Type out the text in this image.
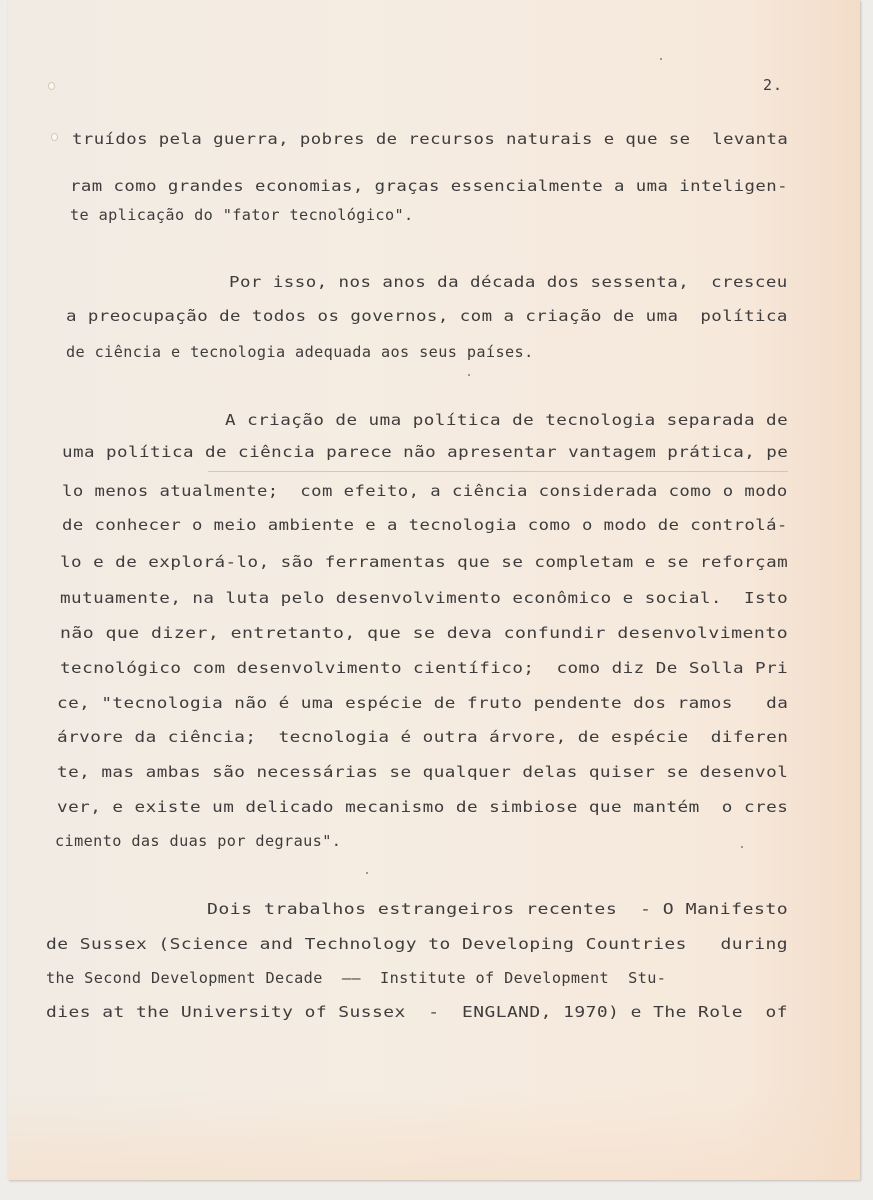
2.
truídos pela guerra, pobres de recursos naturais e que se  levanta
ram como grandes economias, graças essencialmente a uma inteligen-
te aplicação do "fator tecnológico".
Por isso, nos anos da década dos sessenta,  cresceu
a preocupação de todos os governos, com a criação de uma  política
de ciência e tecnologia adequada aos seus países.
A criação de uma política de tecnologia separada de
uma política de ciência parece não apresentar vantagem prática, pe
lo menos atualmente;  com efeito, a ciência considerada como o modo
de conhecer o meio ambiente e a tecnologia como o modo de controlá-
lo e de explorá-lo, são ferramentas que se completam e se reforçam
mutuamente, na luta pelo desenvolvimento econômico e social.  Isto
não que dizer, entretanto, que se deva confundir desenvolvimento
tecnológico com desenvolvimento científico;  como diz De Solla Pri
ce, "tecnologia não é uma espécie de fruto pendente dos ramos   da
árvore da ciência;  tecnologia é outra árvore, de espécie  diferen
te, mas ambas são necessárias se qualquer delas quiser se desenvol
ver, e existe um delicado mecanismo de simbiose que mantém  o cres
cimento das duas por degraus".
Dois trabalhos estrangeiros recentes  - O Manifesto
de Sussex (Science and Technology to Developing Countries   during
the Second Development Decade  ——  Institute of Development  Stu-
dies at the University of Sussex  -  ENGLAND, 1970) e The Role  of
